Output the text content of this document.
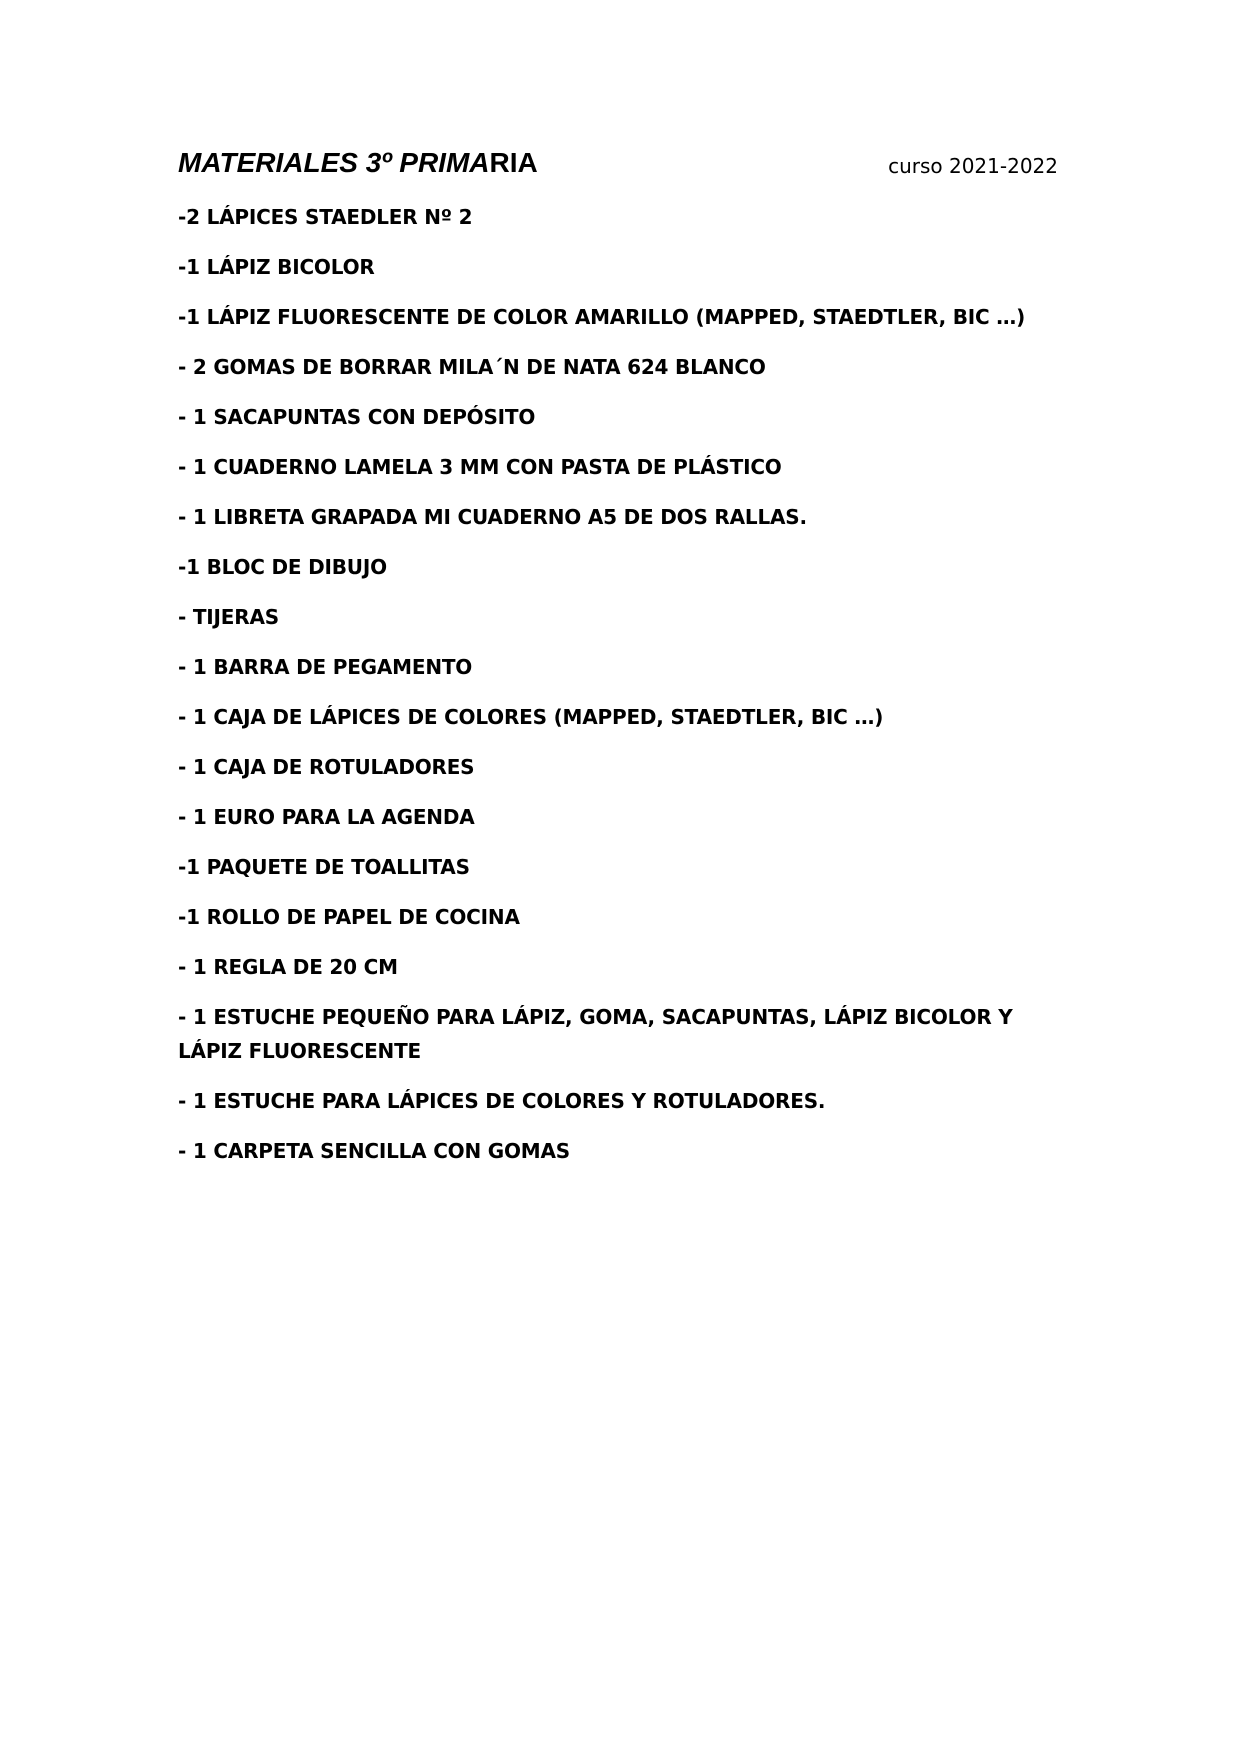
MATERIALES 3º PRIMARIA	curso 2021-2022
-2 LÁPICES STAEDLER Nº 2
-1 LÁPIZ BICOLOR
-1 LÁPIZ FLUORESCENTE DE COLOR AMARILLO (MAPPED, STAEDTLER, BIC …)
- 2 GOMAS DE BORRAR MILA´N DE NATA 624 BLANCO
- 1 SACAPUNTAS CON DEPÓSITO
- 1 CUADERNO LAMELA 3 MM CON PASTA DE PLÁSTICO
- 1 LIBRETA GRAPADA MI CUADERNO A5 DE DOS RALLAS.
-1 BLOC DE DIBUJO
- TIJERAS
- 1 BARRA DE PEGAMENTO
- 1 CAJA DE LÁPICES DE COLORES (MAPPED, STAEDTLER, BIC …)
- 1 CAJA DE ROTULADORES
- 1 EURO PARA LA AGENDA
-1 PAQUETE DE TOALLITAS
-1 ROLLO DE PAPEL DE COCINA
- 1 REGLA DE 20 CM
- 1 ESTUCHE PEQUEÑO PARA LÁPIZ, GOMA, SACAPUNTAS, LÁPIZ BICOLOR Y LÁPIZ FLUORESCENTE
- 1 ESTUCHE PARA LÁPICES DE COLORES Y ROTULADORES.
- 1 CARPETA SENCILLA CON GOMAS
